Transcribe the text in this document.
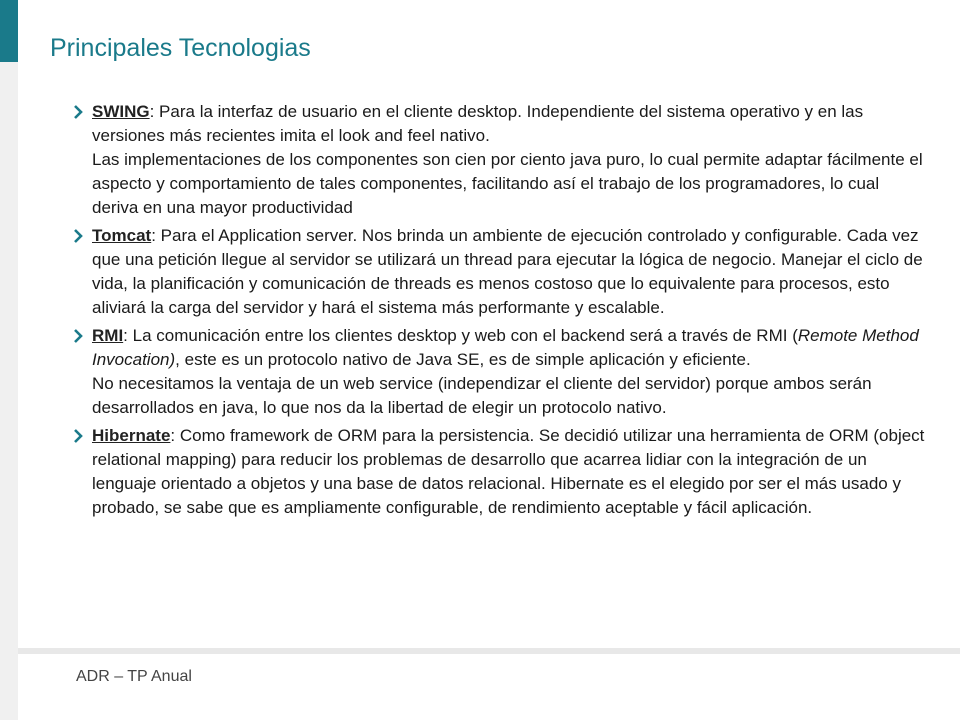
Principales Tecnologias
SWING: Para la interfaz de usuario en el cliente desktop. Independiente del sistema operativo y en las versiones más recientes imita el look and feel nativo.
Las implementaciones de los componentes son cien por ciento java puro, lo cual permite adaptar fácilmente el aspecto y comportamiento de tales componentes, facilitando así el trabajo de los programadores, lo cual deriva en una mayor productividad
Tomcat: Para el Application server. Nos brinda un ambiente de ejecución controlado y configurable. Cada vez que una petición llegue al servidor se utilizará un thread para ejecutar la lógica de negocio. Manejar el ciclo de vida, la planificación y comunicación de threads es menos costoso que lo equivalente para procesos, esto aliviará la carga del servidor y hará el sistema más performante y escalable.
RMI: La comunicación entre los clientes desktop y web con el backend será a través de RMI (Remote Method Invocation), este es un protocolo nativo de Java SE, es de simple aplicación y eficiente.
No necesitamos la ventaja de un web service (independizar el cliente del servidor) porque ambos serán desarrollados en java, lo que nos da la libertad de elegir un protocolo nativo.
Hibernate: Como framework de ORM para la persistencia. Se decidió utilizar una herramienta de ORM (object relational mapping) para reducir los problemas de desarrollo que acarrea lidiar con la integración de un lenguaje orientado a objetos y una base de datos relacional. Hibernate es el elegido por ser el más usado y probado, se sabe que es ampliamente configurable, de rendimiento aceptable y fácil aplicación.
ADR – TP Anual
